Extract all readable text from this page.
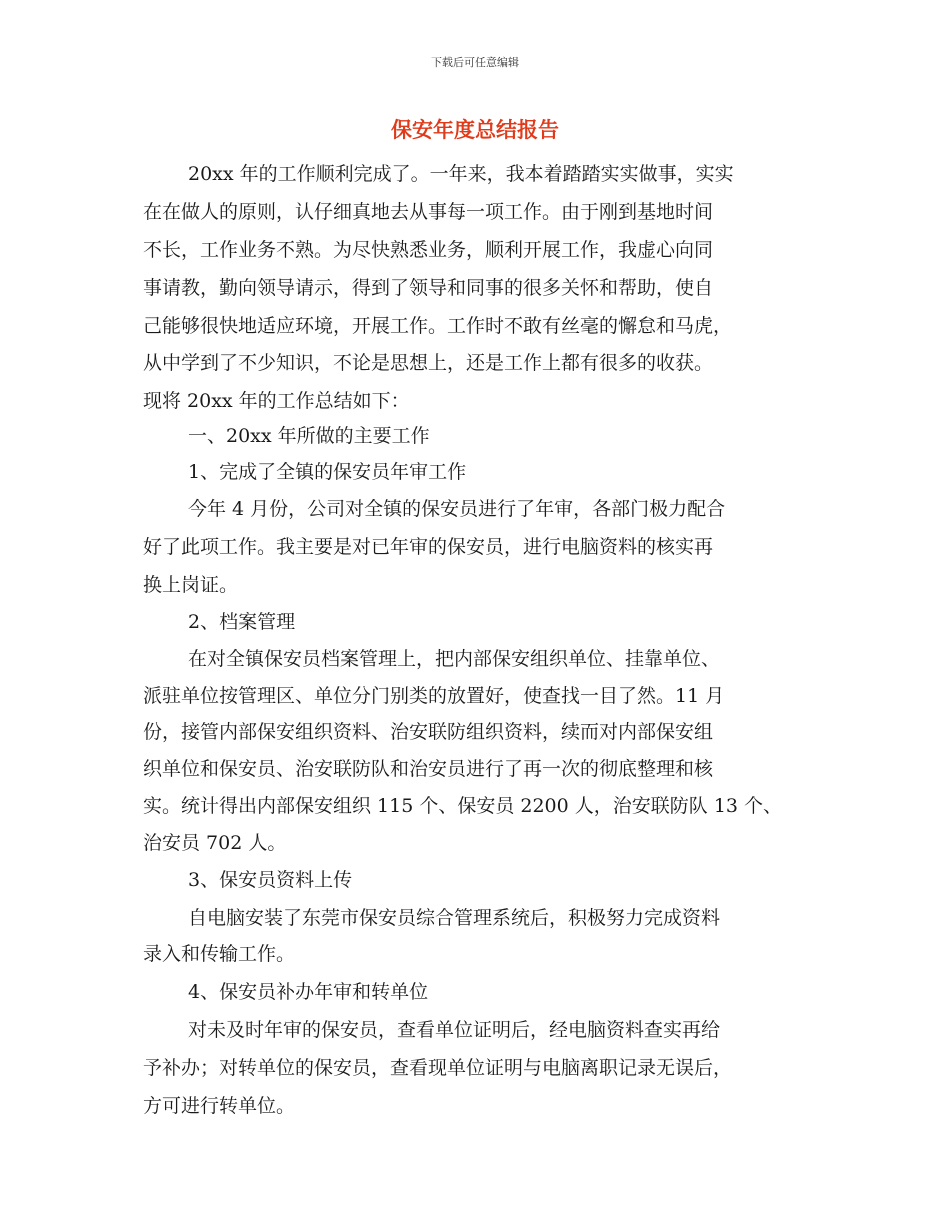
下载后可任意编辑
保安年度总结报告
20xx 年的工作顺利完成了。一年来，我本着踏踏实实做事，实实
在在做人的原则，认仔细真地去从事每一项工作。由于刚到基地时间
不长，工作业务不熟。为尽快熟悉业务，顺利开展工作，我虚心向同
事请教，勤向领导请示，得到了领导和同事的很多关怀和帮助，使自
己能够很快地适应环境，开展工作。工作时不敢有丝毫的懈怠和马虎，
从中学到了不少知识，不论是思想上，还是工作上都有很多的收获。
现将 20xx 年的工作总结如下：
一、20xx 年所做的主要工作
1、完成了全镇的保安员年审工作
今年 4 月份，公司对全镇的保安员进行了年审，各部门极力配合
好了此项工作。我主要是对已年审的保安员，进行电脑资料的核实再
换上岗证。
2、档案管理
在对全镇保安员档案管理上，把内部保安组织单位、挂靠单位、
派驻单位按管理区、单位分门别类的放置好，使查找一目了然。11 月
份，接管内部保安组织资料、治安联防组织资料，续而对内部保安组
织单位和保安员、治安联防队和治安员进行了再一次的彻底整理和核
实。统计得出内部保安组织 115 个、保安员 2200 人，治安联防队 13 个、
治安员 702 人。
3、保安员资料上传
自电脑安装了东莞市保安员综合管理系统后，积极努力完成资料
录入和传输工作。
4、保安员补办年审和转单位
对未及时年审的保安员，查看单位证明后，经电脑资料查实再给
予补办；对转单位的保安员，查看现单位证明与电脑离职记录无误后，
方可进行转单位。
